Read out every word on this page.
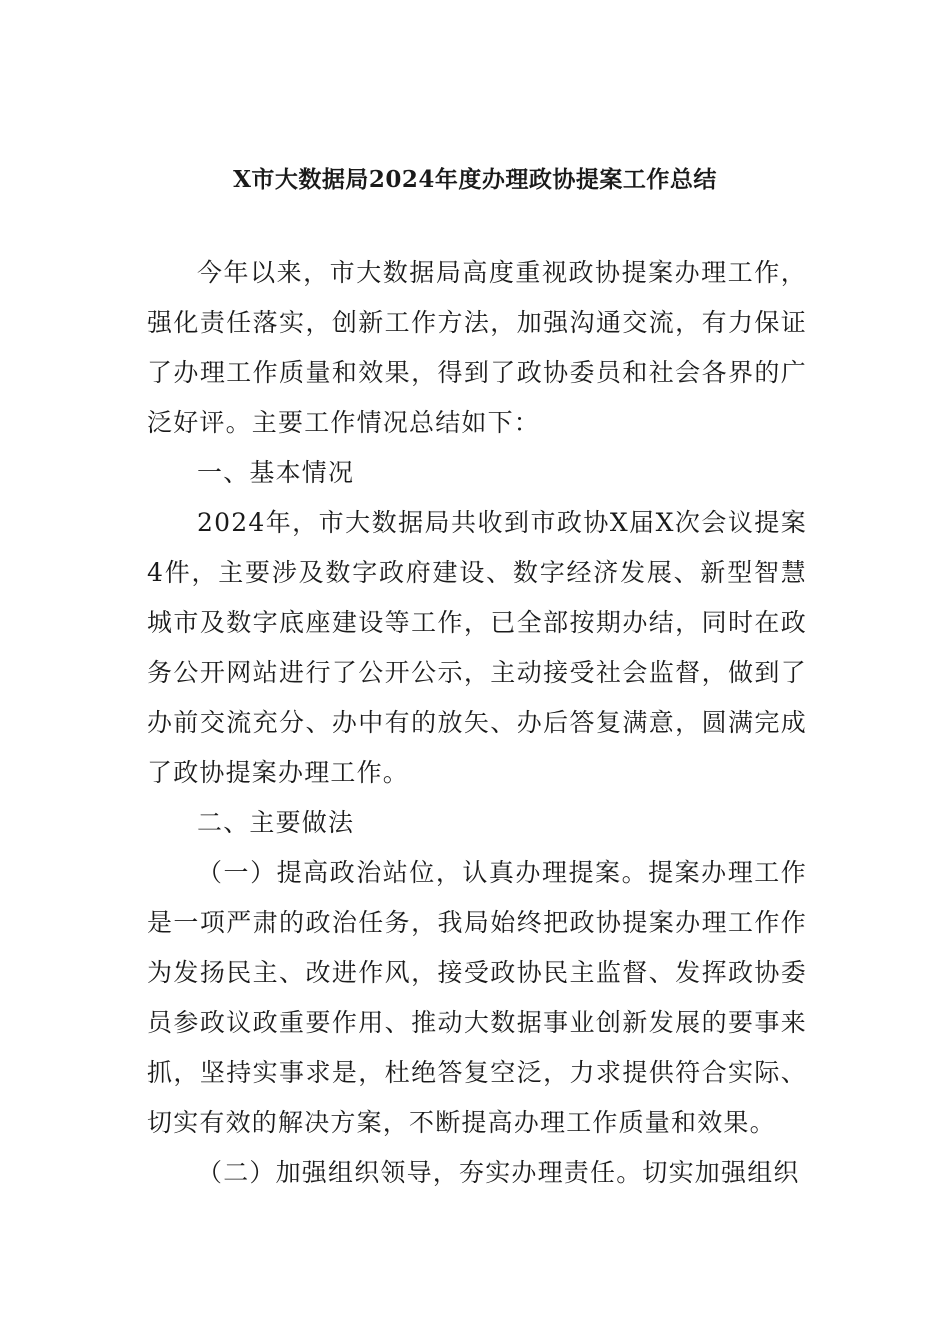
X市大数据局2024年度办理政协提案工作总结

今年以来，市大数据局高度重视政协提案办理工作，强化责任落实，创新工作方法，加强沟通交流，有力保证了办理工作质量和效果，得到了政协委员和社会各界的广泛好评。主要工作情况总结如下：

一、基本情况

2024年，市大数据局共收到市政协X届X次会议提案4件，主要涉及数字政府建设、数字经济发展、新型智慧城市及数字底座建设等工作，已全部按期办结，同时在政务公开网站进行了公开公示，主动接受社会监督，做到了办前交流充分、办中有的放矢、办后答复满意，圆满完成了政协提案办理工作。

二、主要做法

（一）提高政治站位，认真办理提案。提案办理工作是一项严肃的政治任务，我局始终把政协提案办理工作作为发扬民主、改进作风，接受政协民主监督、发挥政协委员参政议政重要作用、推动大数据事业创新发展的要事来抓，坚持实事求是，杜绝答复空泛，力求提供符合实际、切实有效的解决方案，不断提高办理工作质量和效果。

（二）加强组织领导，夯实办理责任。切实加强组织
